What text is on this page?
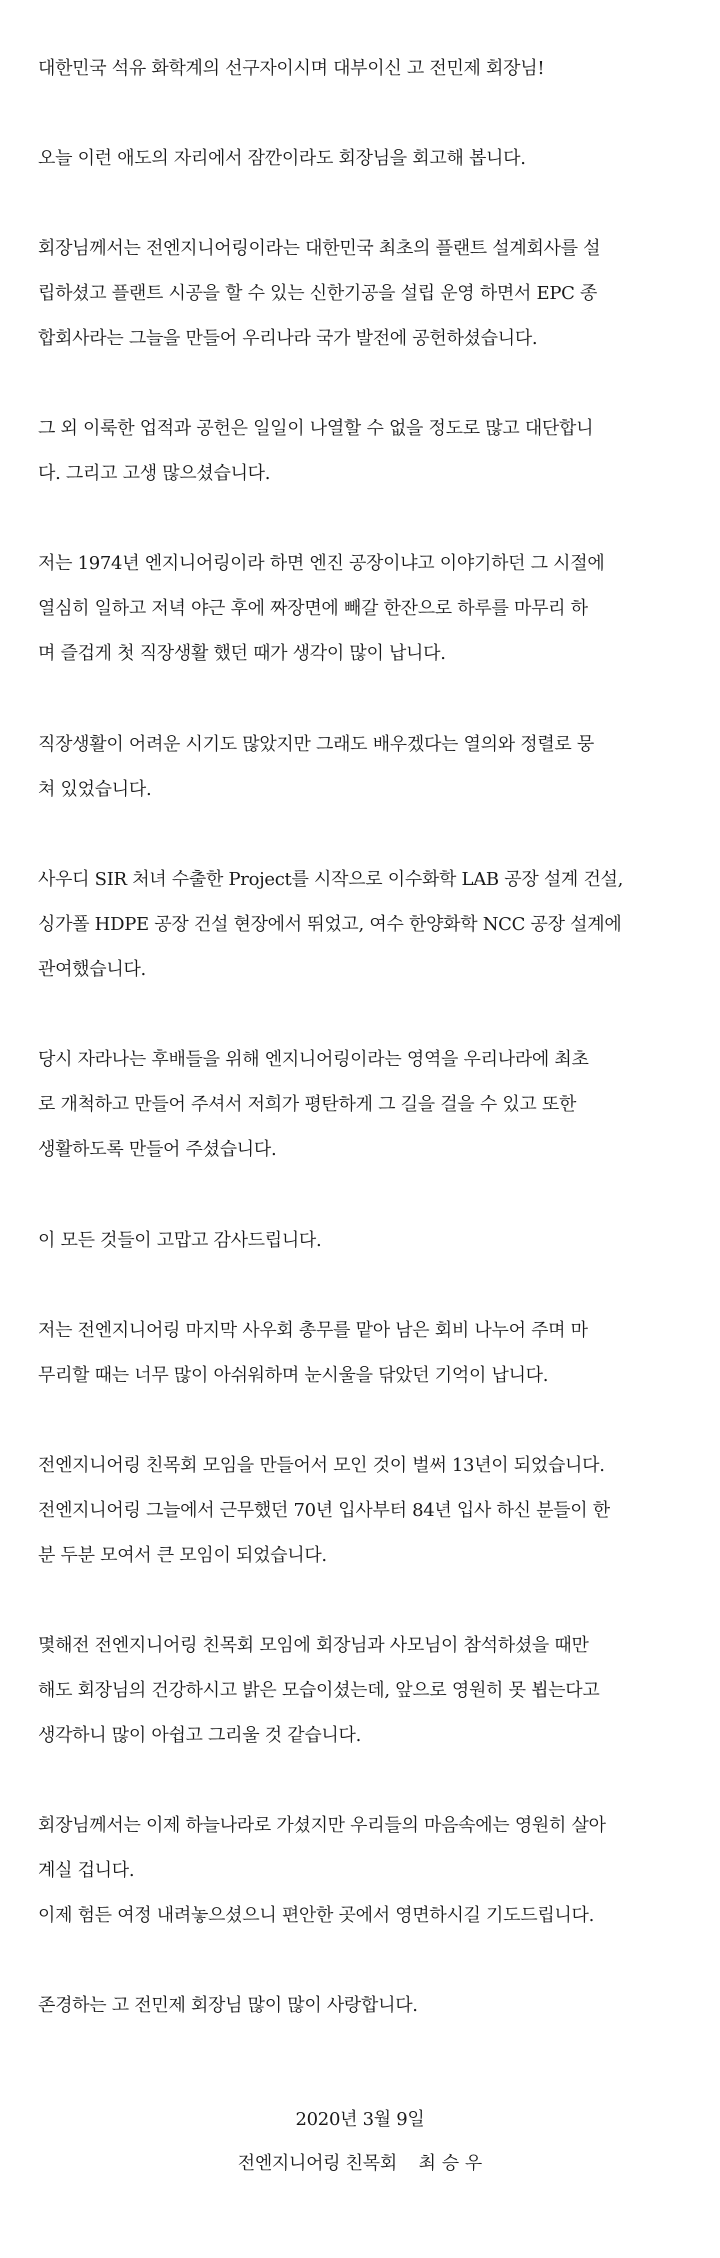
대한민국 석유 화학계의 선구자이시며 대부이신 고 전민제 회장님!

오늘 이런 애도의 자리에서 잠깐이라도 회장님을 회고해 봅니다.

회장님께서는 전엔지니어링이라는 대한민국 최초의 플랜트 설계회사를 설
립하셨고 플랜트 시공을 할 수 있는 신한기공을 설립 운영 하면서 EPC 종
합회사라는 그늘을 만들어 우리나라 국가 발전에 공헌하셨습니다.

그 외 이룩한 업적과 공헌은 일일이 나열할 수 없을 정도로 많고 대단합니
다. 그리고 고생 많으셨습니다.

저는 1974년 엔지니어링이라 하면 엔진 공장이냐고 이야기하던 그 시절에
열심히 일하고 저녁 야근 후에 짜장면에 빼갈 한잔으로 하루를 마무리 하
며 즐겁게 첫 직장생활 했던 때가 생각이 많이 납니다.

직장생활이 어려운 시기도 많았지만 그래도 배우겠다는 열의와 정렬로 뭉
쳐 있었습니다.

사우디 SIR 처녀 수출한 Project를 시작으로 이수화학 LAB 공장 설계 건설,
싱가폴 HDPE 공장 건설 현장에서 뛰었고, 여수 한양화학 NCC 공장 설계에
관여했습니다.

당시 자라나는 후배들을 위해 엔지니어링이라는 영역을 우리나라에 최초
로 개척하고 만들어 주셔서 저희가 평탄하게 그 길을 걸을 수 있고 또한
생활하도록 만들어 주셨습니다.

이 모든 것들이 고맙고 감사드립니다.

저는 전엔지니어링 마지막 사우회 총무를 맡아 남은 회비 나누어 주며 마
무리할 때는 너무 많이 아쉬워하며 눈시울을 닦았던 기억이 납니다.

전엔지니어링 친목회 모임을 만들어서 모인 것이 벌써 13년이 되었습니다.
전엔지니어링 그늘에서 근무했던 70년 입사부터 84년 입사 하신 분들이 한
분 두분 모여서 큰 모임이 되었습니다.

몇해전 전엔지니어링 친목회 모임에 회장님과 사모님이 참석하셨을 때만
해도 회장님의 건강하시고 밝은 모습이셨는데, 앞으로 영원히 못 뵙는다고
생각하니 많이 아쉽고 그리울 것 같습니다.

회장님께서는 이제 하늘나라로 가셨지만 우리들의 마음속에는 영원히 살아
계실 겁니다.
이제 험든 여정 내려놓으셨으니 편안한 곳에서 영면하시길 기도드립니다.

존경하는 고 전민제 회장님 많이 많이 사랑합니다.

2020년 3월 9일
전엔지니어링 친목회 최 승 우
